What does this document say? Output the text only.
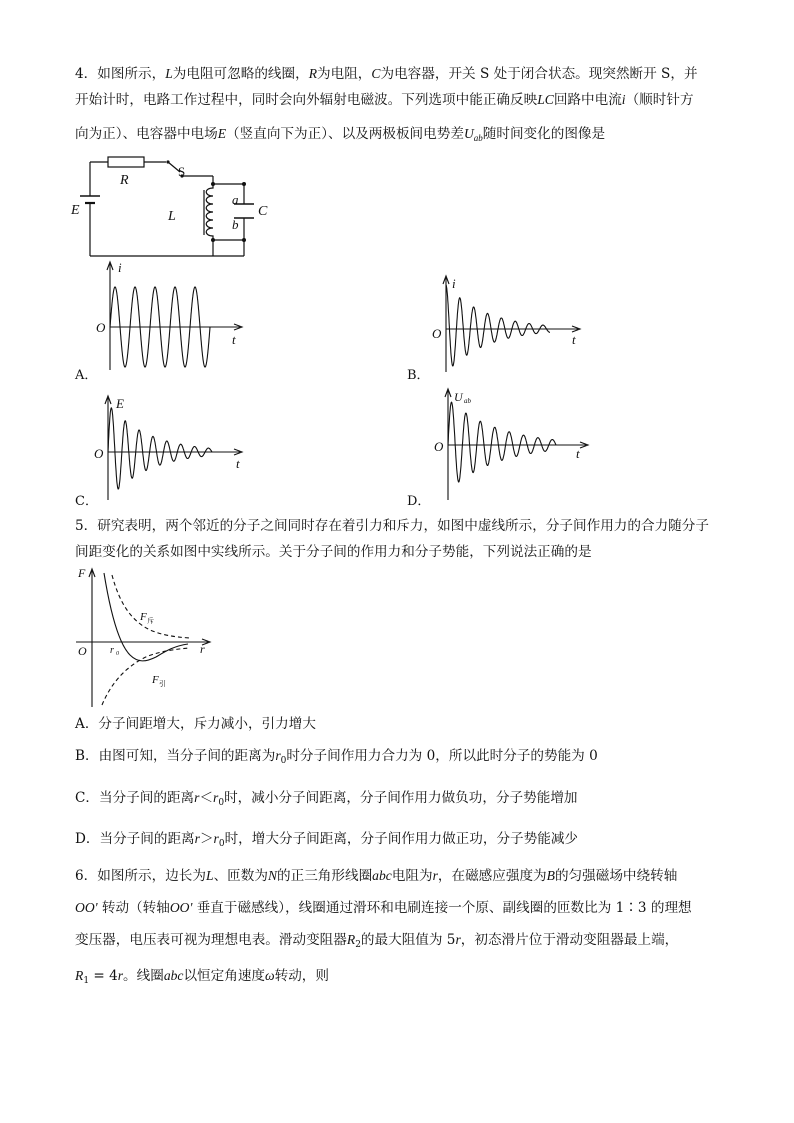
4．如图所示，L为电阻可忽略的线圈，R为电阻，C为电容器，开关 S 处于闭合状态。现突然断开 S，并
开始计时，电路工作过程中，同时会向外辐射电磁波。下列选项中能正确反映LC回路中电流i（顺时针方
向为正）、电容器中电场E（竖直向下为正）、以及两极板间电势差$U_{ab}$随时间变化的图像是
R
E	L	C
a
b
S
i
O
t
A．
i
O	t
B．
E
O
t
C．
U ab
O	t
D．
5．研究表明，两个邻近的分子之间同时存在着引力和斥力，如图中虚线所示，分子间作用力的合力随分子
间距变化的关系如图中实线所示。关于分子间的作用力和分子势能，下列说法正确的是
F
O	r
r 0
F 斥
F 引
A．分子间距增大，斥力减小，引力增大
B．由图可知，当分子间的距离为$r_0$时分子间作用力合力为 0，所以此时分子的势能为 0
C．当分子间的距离$r<r_0$时，减小分子间距离，分子间作用力做负功，分子势能增加
D．当分子间的距离$r>r_0$时，增大分子间距离，分子间作用力做正功，分子势能减少
6．如图所示，边长为L、匝数为N的正三角形线圈abc电阻为r，在磁感应强度为B的匀强磁场中绕转轴
OO' 转动（转轴OO' 垂直于磁感线），线圈通过滑环和电刷连接一个原、副线圈的匝数比为 1∶3 的理想
变压器，电压表可视为理想电表。滑动变阻器$R_2$的最大阻值为 5r，初态滑片位于滑动变阻器最上端，
$R_1 = 4r$。线圈abc以恒定角速度ω转动，则
